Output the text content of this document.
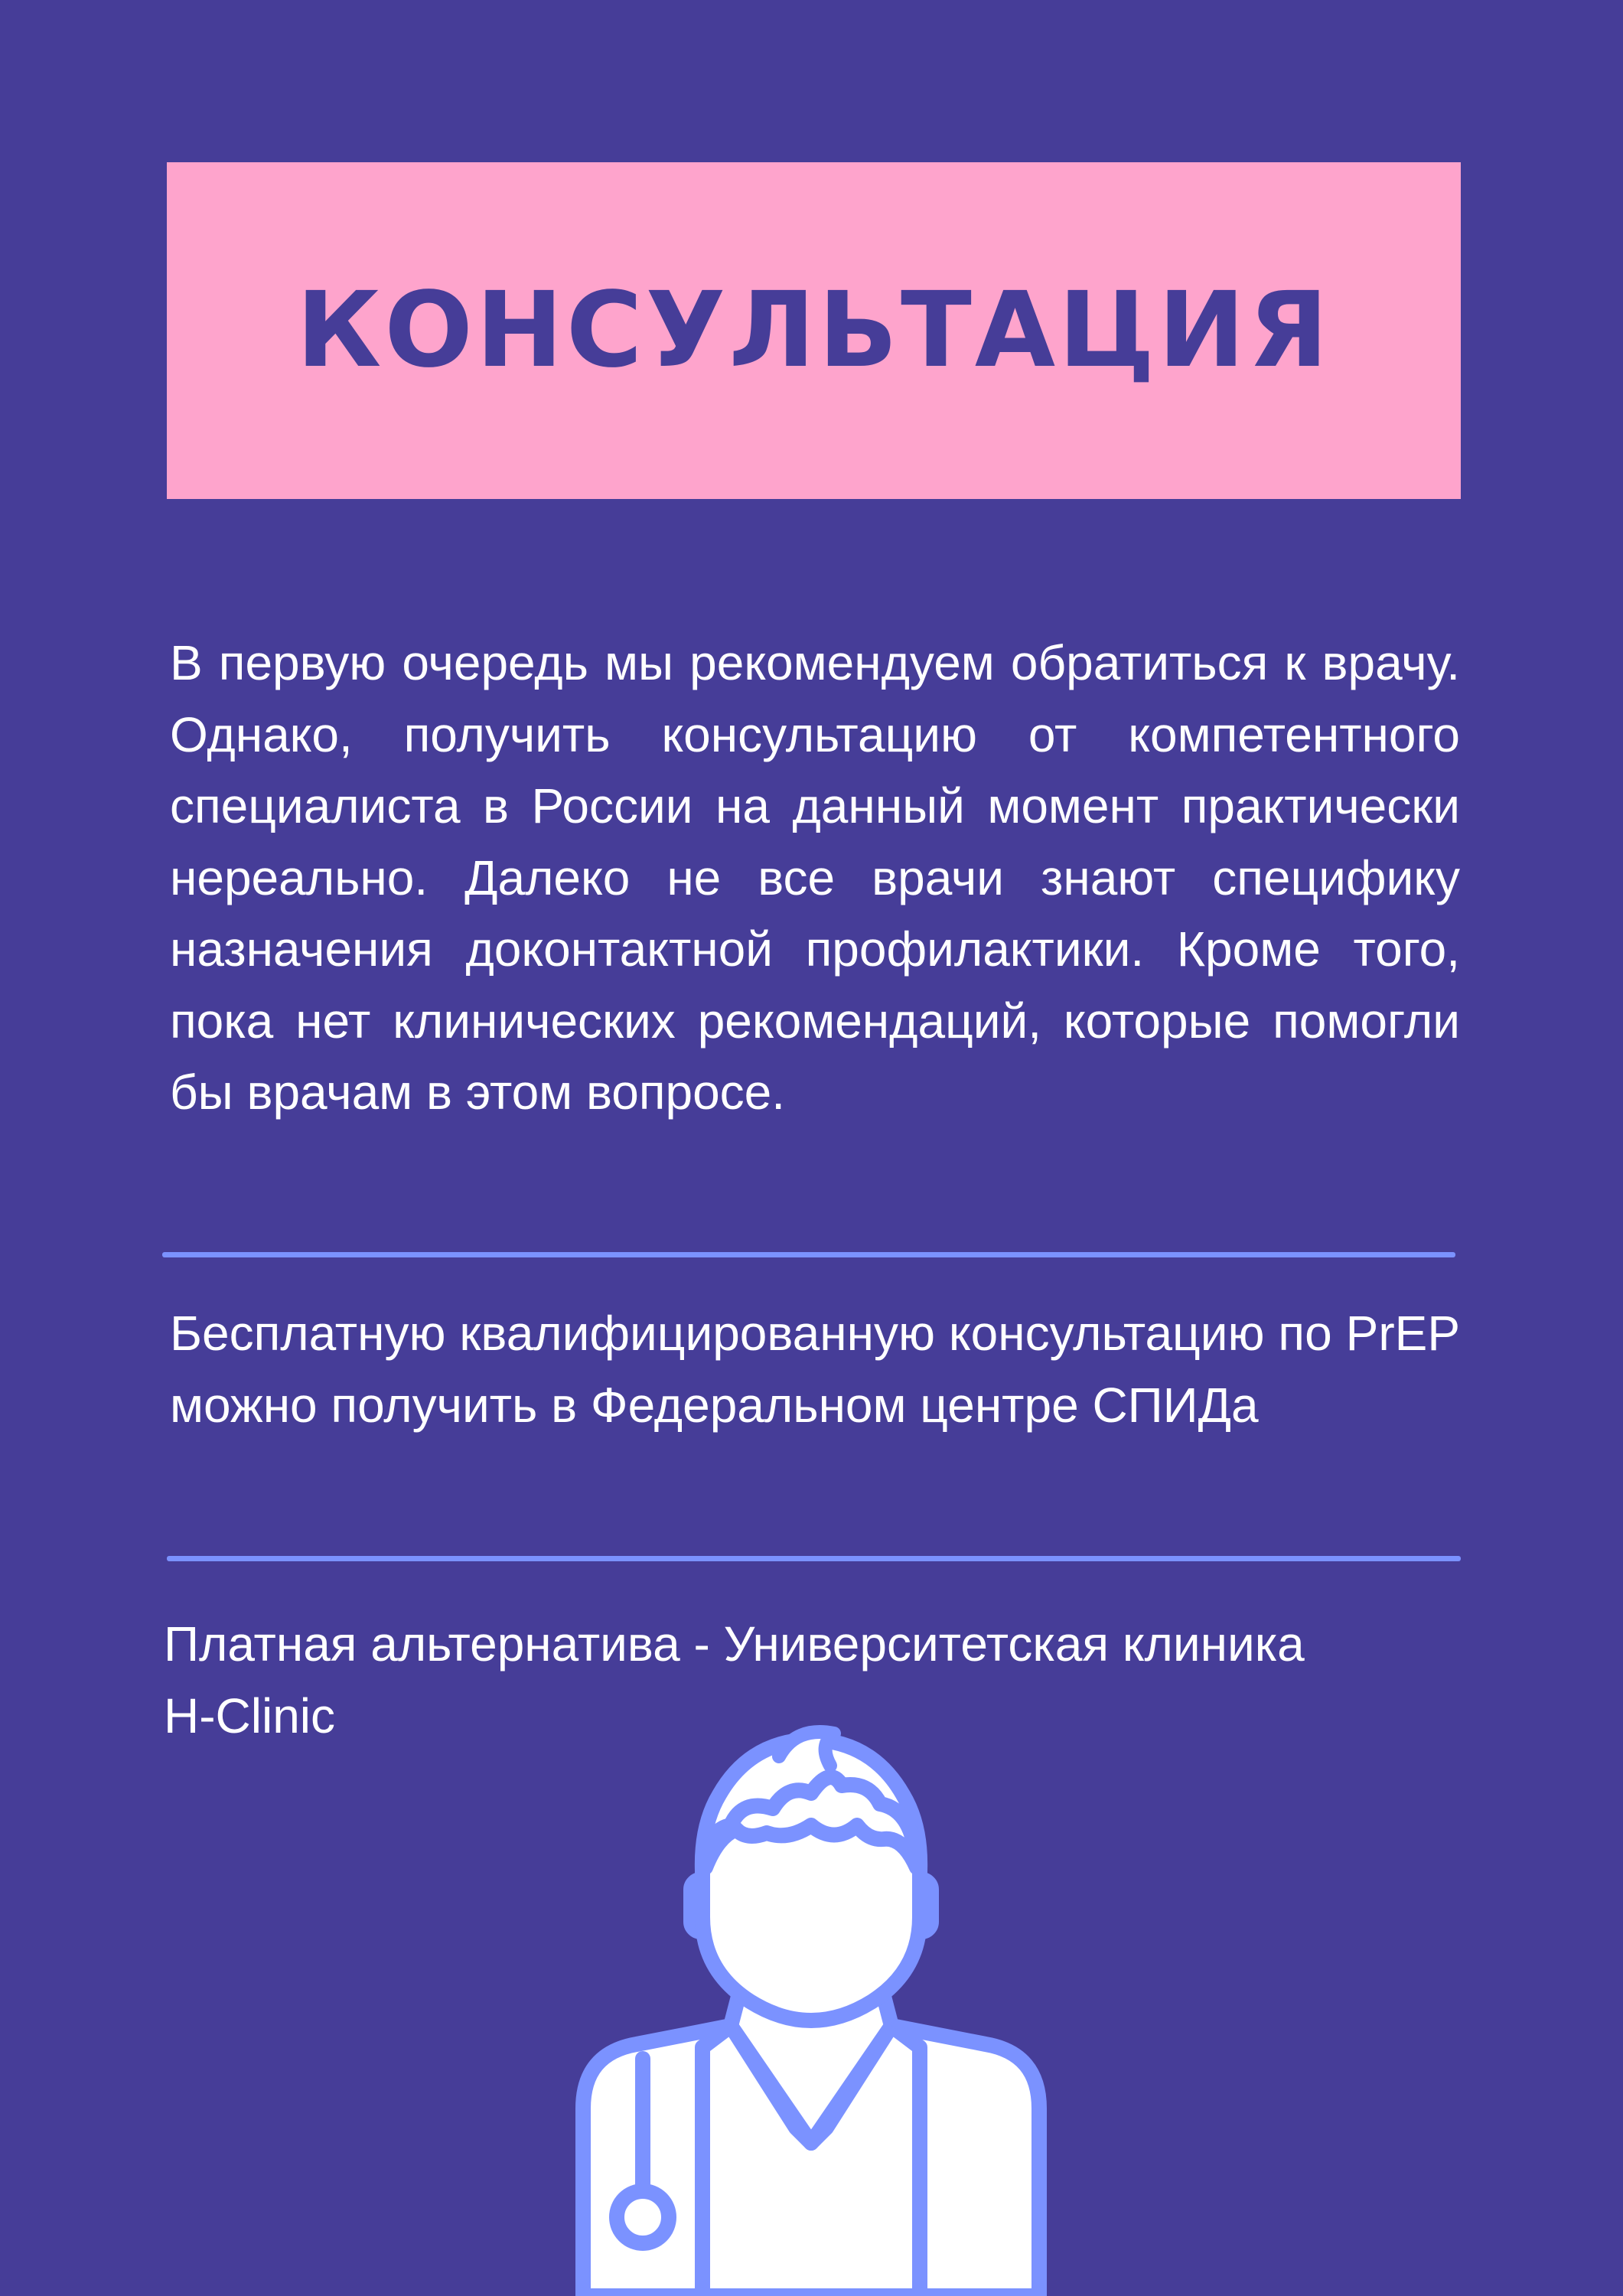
КОНСУЛЬТАЦИЯ

В первую очередь мы рекомендуем обратиться к врачу. Однако, получить консультацию от компетентного специалиста в России на данный момент практически нереально. Далеко не все врачи знают специфику назначения доконтактной профилактики. Кроме того, пока нет клинических рекомендаций, которые помогли бы врачам в этом вопросе.

Бесплатную квалифицированную консультацию по PrEP можно получить в Федеральном центре СПИДа

Платная альтернатива - Университетская клиника
H-Clinic
